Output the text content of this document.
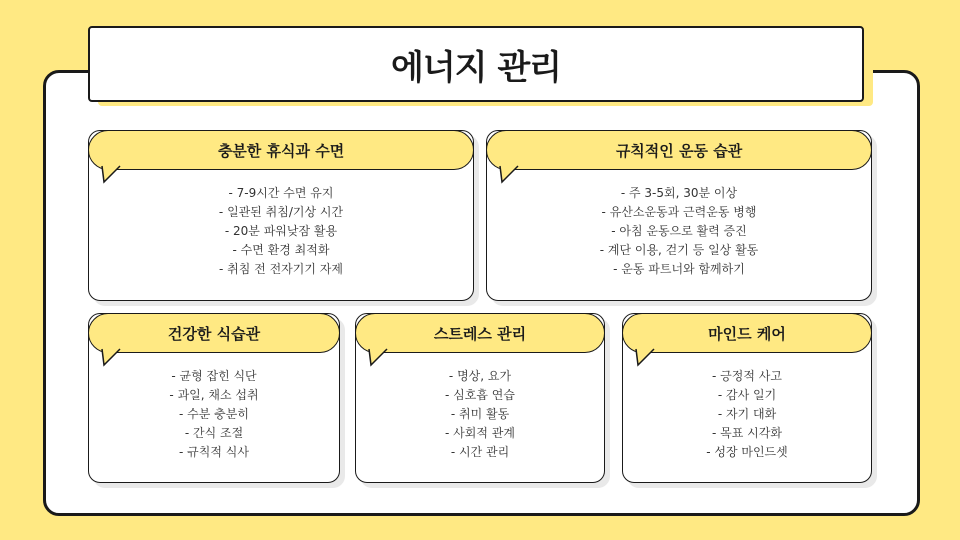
에너지 관리
충분한 휴식과 수면
- 7-9시간 수면 유지
- 일관된 취침/기상 시간
- 20분 파워낮잠 활용
- 수면 환경 최적화
- 취침 전 전자기기 자제
규칙적인 운동 습관
- 주 3-5회, 30분 이상
- 유산소운동과 근력운동 병행
- 아침 운동으로 활력 증진
- 계단 이용, 걷기 등 일상 활동
- 운동 파트너와 함께하기
건강한 식습관
- 균형 잡힌 식단
- 과일, 채소 섭취
- 수분 충분히
- 간식 조절
- 규칙적 식사
스트레스 관리
- 명상, 요가
- 심호흡 연습
- 취미 활동
- 사회적 관계
- 시간 관리
마인드 케어
- 긍정적 사고
- 감사 일기
- 자기 대화
- 목표 시각화
- 성장 마인드셋
